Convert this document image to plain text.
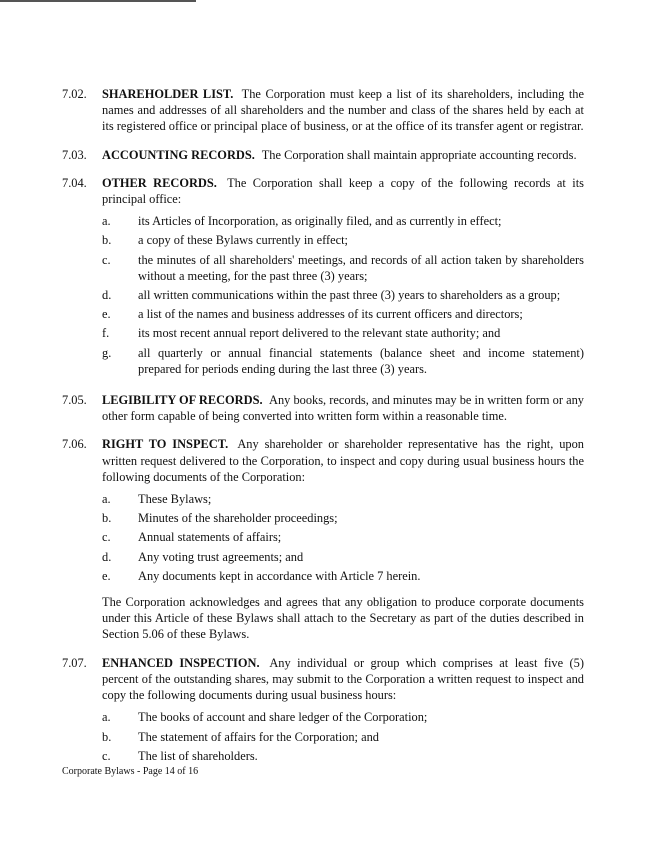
7.02.	SHAREHOLDER LIST. The Corporation must keep a list of its shareholders, including the names and addresses of all shareholders and the number and class of the shares held by each at its registered office or principal place of business, or at the office of its transfer agent or registrar.
7.03.	ACCOUNTING RECORDS. The Corporation shall maintain appropriate accounting records.
7.04.	OTHER RECORDS. The Corporation shall keep a copy of the following records at its principal office:
a.	its Articles of Incorporation, as originally filed, and as currently in effect;
b.	a copy of these Bylaws currently in effect;
c.	the minutes of all shareholders' meetings, and records of all action taken by shareholders without a meeting, for the past three (3) years;
d.	all written communications within the past three (3) years to shareholders as a group;
e.	a list of the names and business addresses of its current officers and directors;
f.	its most recent annual report delivered to the relevant state authority; and
g.	all quarterly or annual financial statements (balance sheet and income statement) prepared for periods ending during the last three (3) years.
7.05.	LEGIBILITY OF RECORDS. Any books, records, and minutes may be in written form or any other form capable of being converted into written form within a reasonable time.
7.06.	RIGHT TO INSPECT. Any shareholder or shareholder representative has the right, upon written request delivered to the Corporation, to inspect and copy during usual business hours the following documents of the Corporation:
a.	These Bylaws;
b.	Minutes of the shareholder proceedings;
c.	Annual statements of affairs;
d.	Any voting trust agreements; and
e.	Any documents kept in accordance with Article 7 herein.
The Corporation acknowledges and agrees that any obligation to produce corporate documents under this Article of these Bylaws shall attach to the Secretary as part of the duties described in Section 5.06 of these Bylaws.
7.07.	ENHANCED INSPECTION. Any individual or group which comprises at least five (5) percent of the outstanding shares, may submit to the Corporation a written request to inspect and copy the following documents during usual business hours:
a.	The books of account and share ledger of the Corporation;
b.	The statement of affairs for the Corporation; and
c.	The list of shareholders.
Corporate Bylaws - Page 14 of 16
